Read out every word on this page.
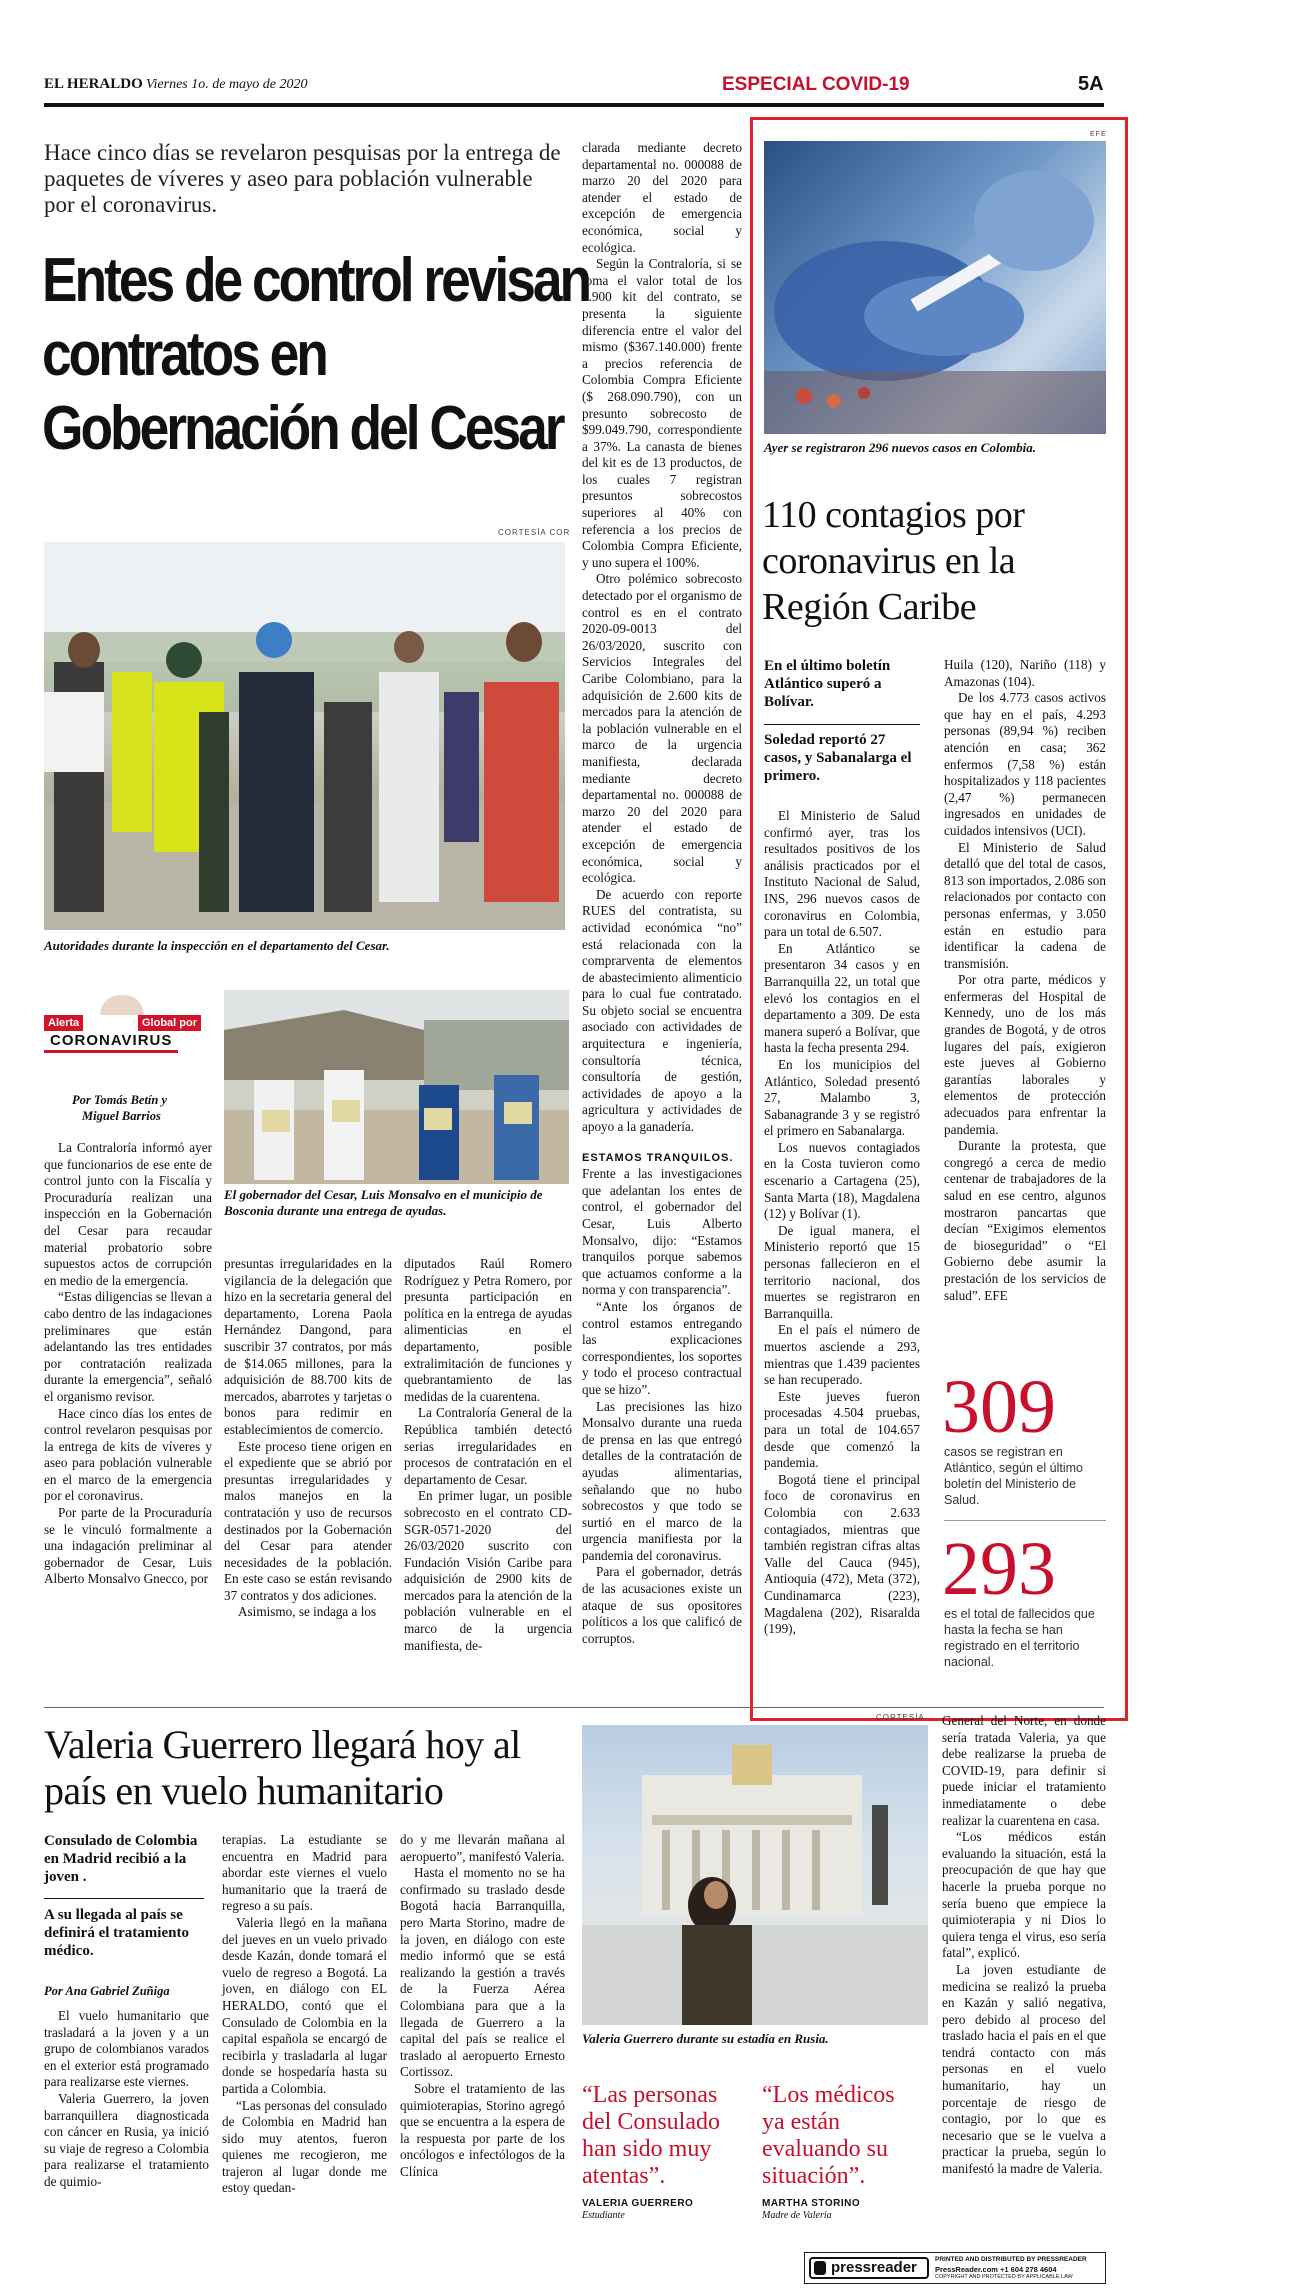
EL HERALDO Viernes 1o. de mayo de 2020	ESPECIAL COVID-19	5A
Hace cinco días se revelaron pesquisas por la entrega de paquetes de víveres y aseo para población vulnerable por el coronavirus.
Entes de control revisan contratos en Gobernación del Cesar
CORTESÍA COR
Autoridades durante la inspección en el departamento del Cesar.
Alerta	Global por
CORONAVIRUS
Por Tomás Betín y
Miguel Barrios
El gobernador del Cesar, Luis Monsalvo en el municipio de Bosconia durante una entrega de ayudas.

La Contraloría informó ayer que funcionarios de ese ente de control junto con la Fiscalía y Procuraduría realizan una inspección en la Gobernación del Cesar para recaudar material probatorio sobre supuestos actos de corrupción en medio de la emergencia.

“Estas diligencias se llevan a cabo dentro de las indagaciones preliminares que están adelantando las tres entidades por contratación realizada durante la emergencia”, señaló el organismo revisor.

Hace cinco días los entes de control revelaron pesquisas por la entrega de kits de víveres y aseo para población vulnerable en el marco de la emergencia por el coronavirus.

Por parte de la Procuraduría se le vinculó formalmente a una indagación preliminar al gobernador de Cesar, Luis Alberto Monsalvo Gnecco, por

presuntas irregularidades en la vigilancia de la delegación que hizo en la secretaria general del departamento, Lorena Paola Hernández Dangond, para suscribir 37 contratos, por más de $14.065 millones, para la adquisición de 88.700 kits de mercados, abarrotes y tarjetas o bonos para redimir en establecimientos de comercio.

Este proceso tiene origen en el expediente que se abrió por presuntas irregularidades y malos manejos en la contratación y uso de recursos destinados por la Gobernación del Cesar para atender necesidades de la población. En este caso se están revisando 37 contratos y dos adiciones.

Asimismo, se indaga a los

diputados Raúl Romero Rodríguez y Petra Romero, por presunta participación en política en la entrega de ayudas alimenticias en el departamento, posible extralimitación de funciones y quebrantamiento de las medidas de la cuarentena.

La Contraloría General de la República también detectó serias irregularidades en procesos de contratación en el departamento de Cesar.

En primer lugar, un posible sobrecosto en el contrato CD-SGR-0571-2020 del 26/03/2020 suscrito con Fundación Visión Caribe para adquisición de 2900 kits de mercados para la atención de la población vulnerable en el marco de la urgencia manifiesta, de-

clarada mediante decreto departamental no. 000088 de marzo 20 del 2020 para atender el estado de excepción de emergencia económica, social y ecológica.

Según la Contraloría, si se toma el valor total de los 2.900 kit del contrato, se presenta la siguiente diferencia entre el valor del mismo ($367.140.000) frente a precios referencia de Colombia Compra Eficiente ($ 268.090.790), con un presunto sobrecosto de $99.049.790, correspondiente a 37%. La canasta de bienes del kit es de 13 productos, de los cuales 7 registran presuntos sobrecostos superiores al 40% con referencia a los precios de Colombia Compra Eficiente, y uno supera el 100%.

Otro polémico sobrecosto detectado por el organismo de control es en el contrato 2020-09-0013 del 26/03/2020, suscrito con Servicios Integrales del Caribe Colombiano, para la adquisición de 2.600 kits de mercados para la atención de la población vulnerable en el marco de la urgencia manifiesta, declarada mediante decreto departamental no. 000088 de marzo 20 del 2020 para atender el estado de excepción de emergencia económica, social y ecológica.

De acuerdo con reporte RUES del contratista, su actividad económica “no” está relacionada con la comprarventa de elementos de abastecimiento alimenticio para lo cual fue contratado. Su objeto social se encuentra asociado con actividades de arquitectura e ingeniería, consultoría técnica, consultoría de gestión, actividades de apoyo a la agricultura y actividades de apoyo a la ganadería.

ESTAMOS TRANQUILOS.

Frente a las investigaciones que adelantan los entes de control, el gobernador del Cesar, Luis Alberto Monsalvo, dijo: “Estamos tranquilos porque sabemos que actuamos conforme a la norma y con transparencia”.

“Ante los órganos de control estamos entregando las explicaciones correspondientes, los soportes y todo el proceso contractual que se hizo”.

Las precisiones las hizo Monsalvo durante una rueda de prensa en las que entregó detalles de la contratación de ayudas alimentarias, señalando que no hubo sobrecostos y que todo se surtió en el marco de la urgencia manifiesta por la pandemia del coronavirus.

Para el gobernador, detrás de las acusaciones existe un ataque de sus opositores políticos a los que calificó de corruptos.

EFE
Ayer se registraron 296 nuevos casos en Colombia.
110 contagios por coronavirus en la Región Caribe
En el último boletín Atlántico superó a Bolívar.
Soledad reportó 27 casos, y Sabanalarga el primero.

El Ministerio de Salud confirmó ayer, tras los resultados positivos de los análisis practicados por el Instituto Nacional de Salud, INS, 296 nuevos casos de coronavirus en Colombia, para un total de 6.507.

En Atlántico se presentaron 34 casos y en Barranquilla 22, un total que elevó los contagios en el departamento a 309. De esta manera superó a Bolívar, que hasta la fecha presenta 294.

En los municipios del Atlántico, Soledad presentó 27, Malambo 3, Sabanagrande 3 y se registró el primero en Sabanalarga.

Los nuevos contagiados en la Costa tuvieron como escenario a Cartagena (25), Santa Marta (18), Magdalena (12) y Bolívar (1).

De igual manera, el Ministerio reportó que 15 personas fallecieron en el territorio nacional, dos muertes se registraron en Barranquilla.

En el país el número de muertos asciende a 293, mientras que 1.439 pacientes se han recuperado.

Este jueves fueron procesadas 4.504 pruebas, para un total de 104.657 desde que comenzó la pandemia.

Bogotá tiene el principal foco de coronavirus en Colombia con 2.633 contagiados, mientras que también registran cifras altas Valle del Cauca (945), Antioquia (472), Meta (372), Cundinamarca (223), Magdalena (202), Risaralda (199),

Huila (120), Nariño (118) y Amazonas (104).

De los 4.773 casos activos que hay en el país, 4.293 personas (89,94 %) reciben atención en casa; 362 enfermos (7,58 %) están hospitalizados y 118 pacientes (2,47 %) permanecen ingresados en unidades de cuidados intensivos (UCI).

El Ministerio de Salud detalló que del total de casos, 813 son importados, 2.086 son relacionados por contacto con personas enfermas, y 3.050 están en estudio para identificar la cadena de transmisión.

Por otra parte, médicos y enfermeras del Hospital de Kennedy, uno de los más grandes de Bogotá, y de otros lugares del país, exigieron este jueves al Gobierno garantías laborales y elementos de protección adecuados para enfrentar la pandemia.

Durante la protesta, que congregó a cerca de medio centenar de trabajadores de la salud en ese centro, algunos mostraron pancartas que decían “Exigimos elementos de bioseguridad” o “El Gobierno debe asumir la prestación de los servicios de salud”. EFE

309
casos se registran en Atlántico, según el último boletín del Ministerio de Salud.
293
es el total de fallecidos que hasta la fecha se han registrado en el territorio nacional.
Valeria Guerrero llegará hoy al país en vuelo humanitario
Consulado de Colombia en Madrid recibió a la joven .
A su llegada al país se definirá el tratamiento médico.
Por Ana Gabriel Zuñiga

El vuelo humanitario que trasladará a la joven y a un grupo de colombianos varados en el exterior está programado para realizarse este viernes.

Valeria Guerrero, la joven barranquillera diagnosticada con cáncer en Rusia, ya inició su viaje de regreso a Colombia para realizarse el tratamiento de quimio-

terapias. La estudiante se encuentra en Madrid para abordar este viernes el vuelo humanitario que la traerá de regreso a su país.

Valeria llegó en la mañana del jueves en un vuelo privado desde Kazán, donde tomará el vuelo de regreso a Bogotá. La joven, en diálogo con EL HERALDO, contó que el Consulado de Colombia en la capital española se encargó de recibirla y trasladarla al lugar donde se hospedaría hasta su partida a Colombia.

“Las personas del consulado de Colombia en Madrid han sido muy atentos, fueron quienes me recogieron, me trajeron al lugar donde me estoy quedan-

do y me llevarán mañana al aeropuerto”, manifestó Valeria.

Hasta el momento no se ha confirmado su traslado desde Bogotá hacia Barranquilla, pero Marta Storino, madre de la joven, en diálogo con este medio informó que se está realizando la gestión a través de la Fuerza Aérea Colombiana para que a la llegada de Guerrero a la capital del país se realice el traslado al aeropuerto Ernesto Cortissoz.

Sobre el tratamiento de las quimioterapias, Storino agregó que se encuentra a la espera de la respuesta por parte de los oncólogos e infectólogos de la Clínica

CORTESÍA
Valeria Guerrero durante su estadía en Rusia.
“Las personas del Consulado han sido muy atentas”.
VALERIA GUERRERO
Estudiante
“Los médicos ya están evaluando su situación”.
MARTHA STORINO
Madre de Valeria

General del Norte, en donde sería tratada Valeria, ya que debe realizarse la prueba de COVID-19, para definir si puede iniciar el tratamiento inmediatamente o debe realizar la cuarentena en casa.

“Los médicos están evaluando la situación, está la preocupación de que hay que hacerle la prueba porque no sería bueno que empiece la quimioterapia y ni Dios lo quiera tenga el virus, eso sería fatal”, explicó.

La joven estudiante de medicina se realizó la prueba en Kazán y salió negativa, pero debido al proceso del traslado hacia el país en el que tendrá contacto con más personas en el vuelo humanitario, hay un porcentaje de riesgo de contagio, por lo que es necesario que se le vuelva a practicar la prueba, según lo manifestó la madre de Valeria.

pressreader	PRINTED AND DISTRIBUTED BY PRESSREADER
PressReader.com +1 604 278 4604
COPYRIGHT AND PROTECTED BY APPLICABLE LAW
